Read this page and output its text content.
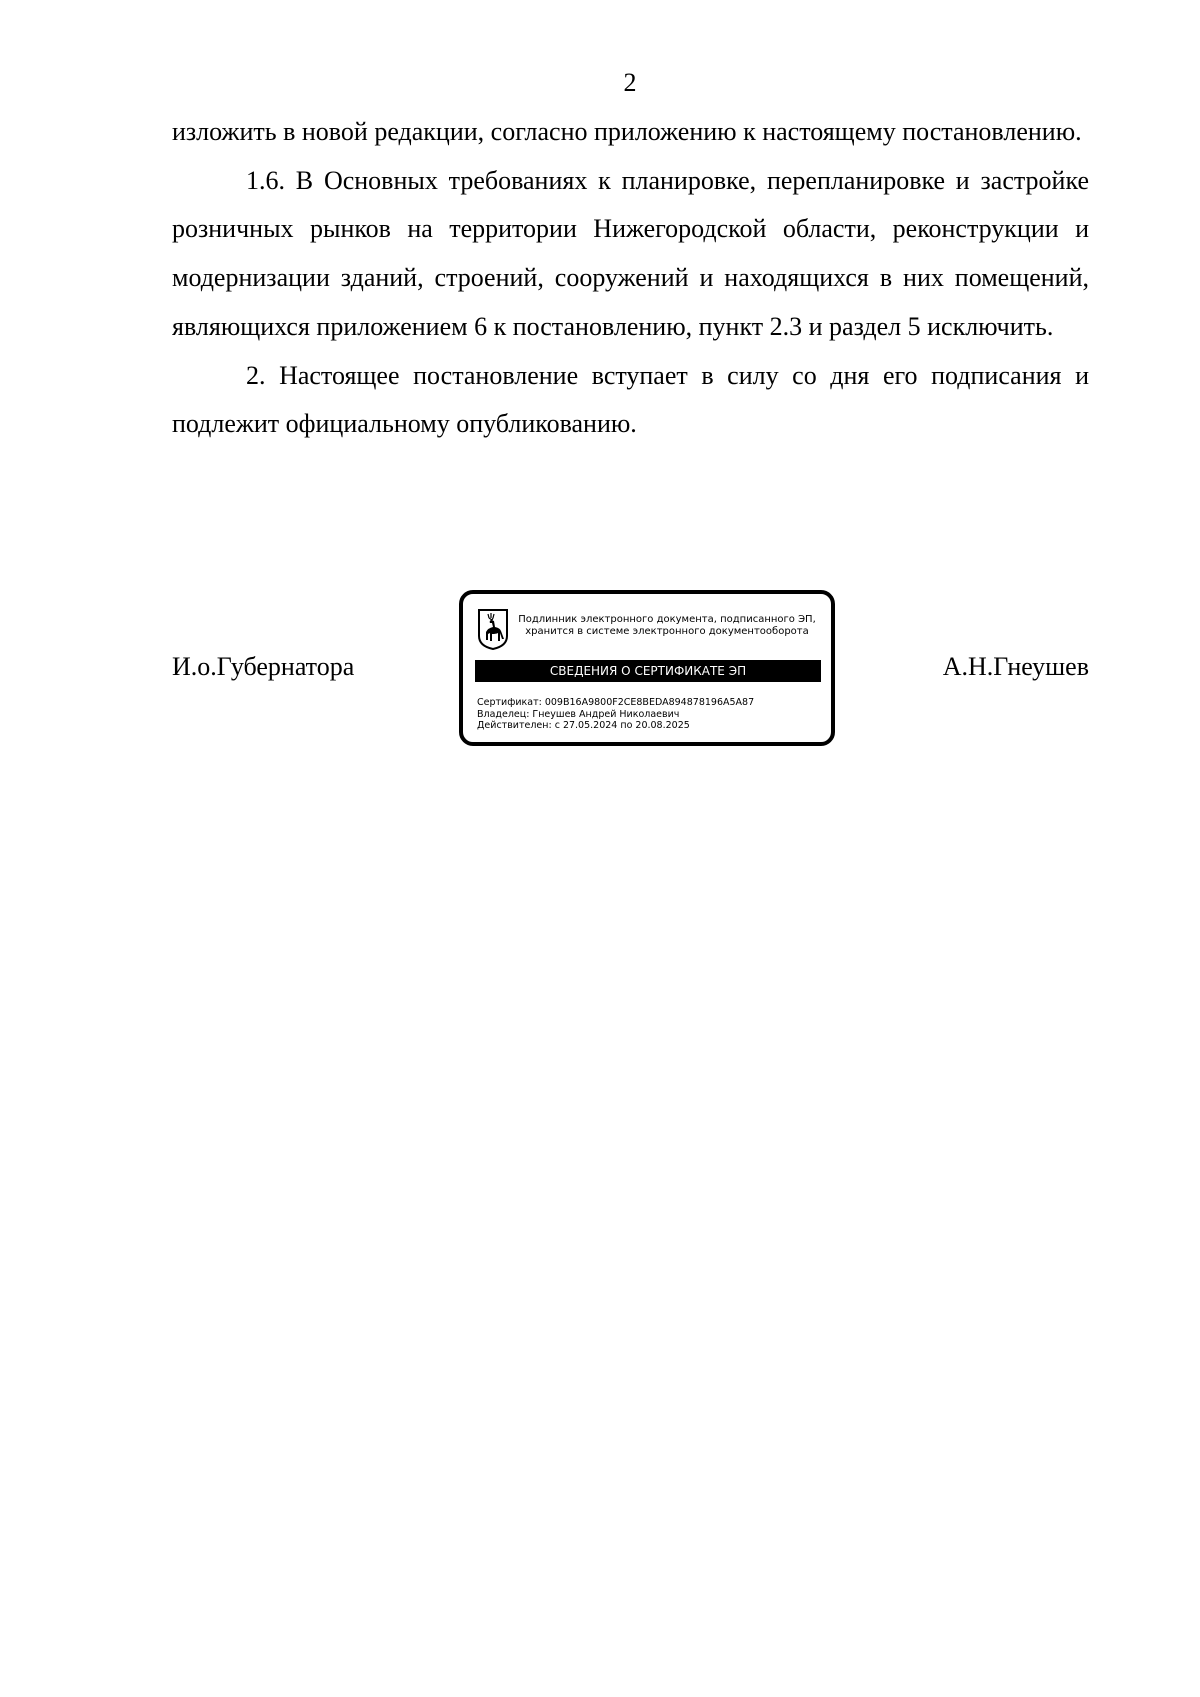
2

изложить в новой редакции, согласно приложению к настоящему постановлению.

1.6. В Основных требованиях к планировке, перепланировке и застройке розничных рынков на территории Нижегородской области, реконструкции и модернизации зданий, строений, сооружений и находящихся в них помещений, являющихся приложением 6 к постановлению, пункт 2.3 и раздел 5 исключить.

2. Настоящее постановление вступает в силу со дня его подписания и подлежит официальному опубликованию.

И.о.Губернатора
Подлинник электронного документа, подписанного ЭП,
хранится в системе электронного документооборота
СВЕДЕНИЯ О СЕРТИФИКАТЕ ЭП
Сертификат: 009B16A9800F2CE8BEDA894878196A5A87
Владелец: Гнеушев Андрей Николаевич
Действителен: с 27.05.2024 по 20.08.2025
А.Н.Гнеушев
